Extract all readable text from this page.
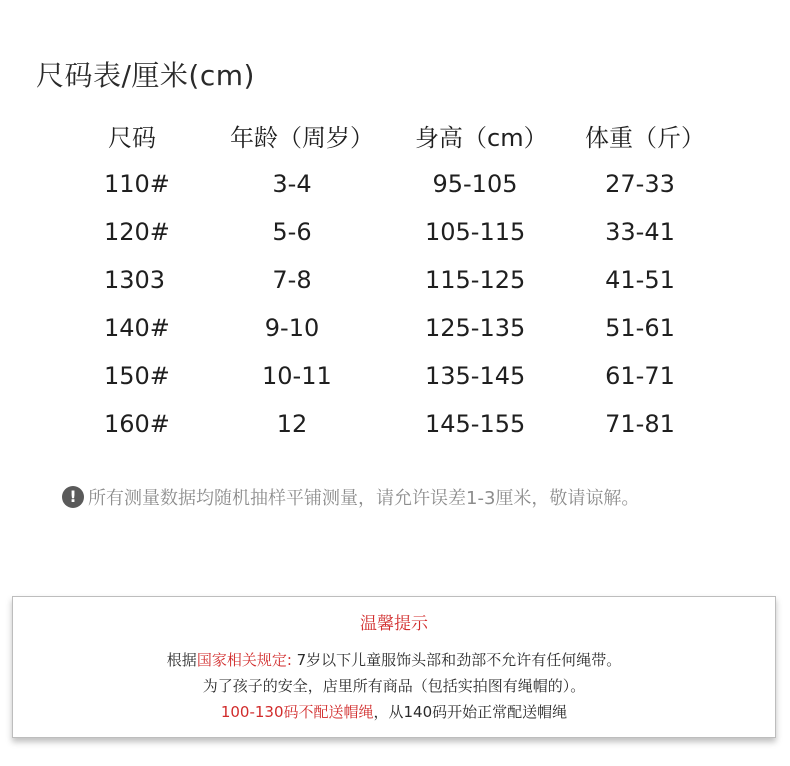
尺码表/厘米(cm)
尺码	年龄（周岁） 身高（cm） 体重（斤）
110#	3-4	95-105	27-33
120#	5-6	105-115	33-41
1303	7-8	115-125	41-51
140#	9-10	125-135	51-61
150#	10-11	135-145	61-71
160#	12	145-155	71-81
! 所有测量数据均随机抽样平铺测量，请允许误差1-3厘米，敬请谅解。
温馨提示
根据国家相关规定: 7岁以下儿童服饰头部和劲部不允许有任何绳带。
为了孩子的安全，店里所有商品（包括实拍图有绳帽的）。
100-130码不配送帽绳，从140码开始正常配送帽绳
